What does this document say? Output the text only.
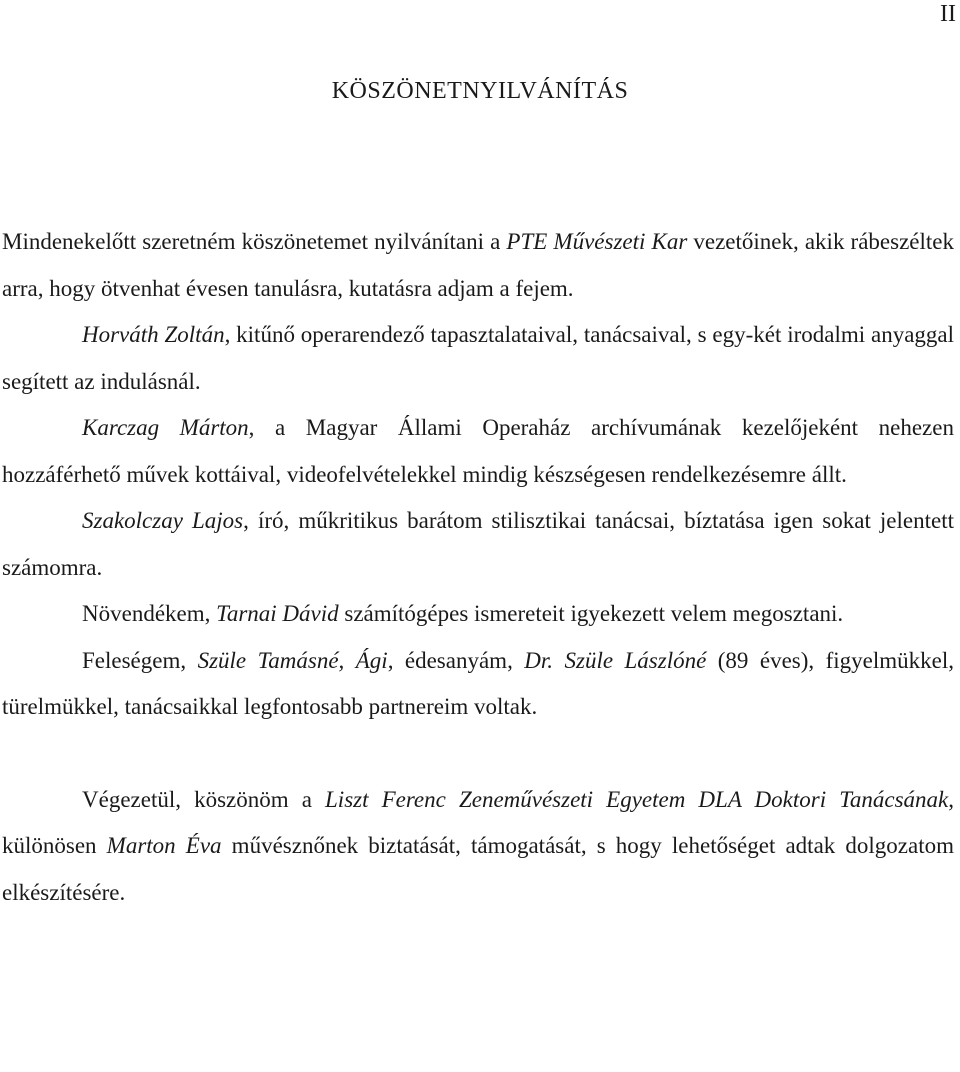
II
KÖSZÖNETNYILVÁNÍTÁS

Mindenekelőtt szeretném köszönetemet nyilvánítani a PTE Művészeti Kar vezetőinek, akik rábeszéltek arra, hogy ötvenhat évesen tanulásra, kutatásra adjam a fejem.

Horváth Zoltán, kitűnő operarendező tapasztalataival, tanácsaival, s egy-két irodalmi anyaggal segített az indulásnál.

Karczag Márton, a Magyar Állami Operaház archívumának kezelőjeként nehezen hozzáférhető művek kottáival, videofelvételekkel mindig készségesen rendelkezésemre állt.

Szakolczay Lajos, író, műkritikus barátom stilisztikai tanácsai, bíztatása igen sokat jelentett számomra.

Növendékem, Tarnai Dávid számítógépes ismereteit igyekezett velem megosztani.

Feleségem, Szüle Tamásné, Ági, édesanyám, Dr. Szüle Lászlóné (89 éves), figyelmükkel, türelmükkel, tanácsaikkal legfontosabb partnereim voltak.

Végezetül, köszönöm a Liszt Ferenc Zeneművészeti Egyetem DLA Doktori Tanácsának, különösen Marton Éva művésznőnek biztatását, támogatását, s hogy lehetőséget adtak dolgozatom elkészítésére.
